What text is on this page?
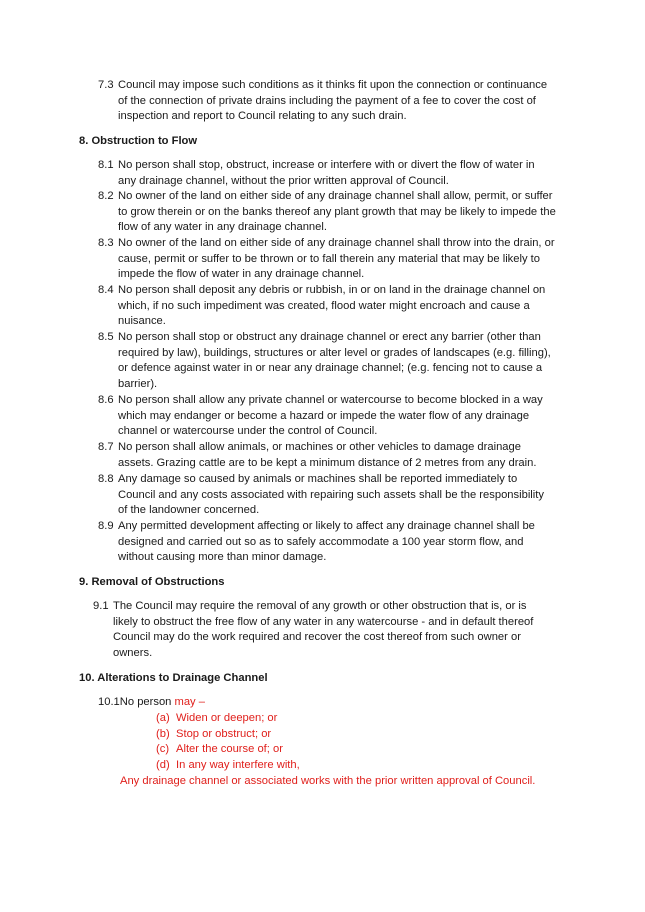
7.3 Council may impose such conditions as it thinks fit upon the connection or continuance
of the connection of private drains including the payment of a fee to cover the cost of
inspection and report to Council relating to any such drain.
8. Obstruction to Flow
8.1 No person shall stop, obstruct, increase or interfere with or divert the flow of water in
any drainage channel, without the prior written approval of Council.
8.2 No owner of the land on either side of any drainage channel shall allow, permit, or suffer
to grow therein or on the banks thereof any plant growth that may be likely to impede the
flow of any water in any drainage channel.
8.3 No owner of the land on either side of any drainage channel shall throw into the drain, or
cause, permit or suffer to be thrown or to fall therein any material that may be likely to
impede the flow of water in any drainage channel.
8.4 No person shall deposit any debris or rubbish, in or on land in the drainage channel on
which, if no such impediment was created, flood water might encroach and cause a
nuisance.
8.5 No person shall stop or obstruct any drainage channel or erect any barrier (other than
required by law), buildings, structures or alter level or grades of landscapes (e.g. filling),
or defence against water in or near any drainage channel; (e.g. fencing not to cause a
barrier).
8.6 No person shall allow any private channel or watercourse to become blocked in a way
which may endanger or become a hazard or impede the water flow of any drainage
channel or watercourse under the control of Council.
8.7 No person shall allow animals, or machines or other vehicles to damage drainage
assets. Grazing cattle are to be kept a minimum distance of 2 metres from any drain.
8.8 Any damage so caused by animals or machines shall be reported immediately to
Council and any costs associated with repairing such assets shall be the responsibility
of the landowner concerned.
8.9 Any permitted development affecting or likely to affect any drainage channel shall be
designed and carried out so as to safely accommodate a 100 year storm flow, and
without causing more than minor damage.
9. Removal of Obstructions
9.1 The Council may require the removal of any growth or other obstruction that is, or is
likely to obstruct the free flow of any water in any watercourse - and in default thereof
Council may do the work required and recover the cost thereof from such owner or
owners.
10. Alterations to Drainage Channel
10.1No person may –
(a) Widen or deepen; or
(b) Stop or obstruct; or
(c) Alter the course of; or
(d) In any way interfere with,
Any drainage channel or associated works with the prior written approval of Council.
